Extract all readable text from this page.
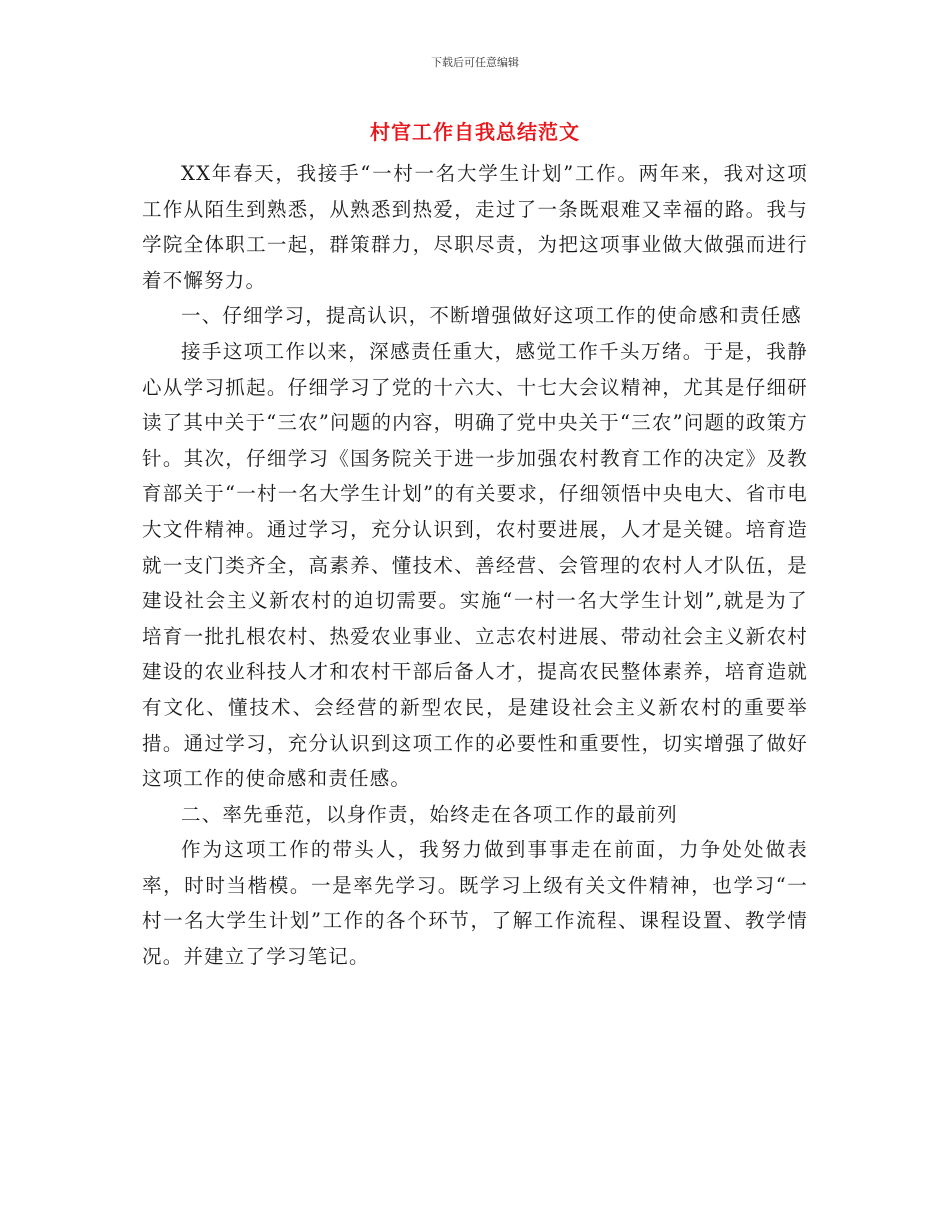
下载后可任意编辑
村官工作自我总结范文

XX年春天，我接手“一村一名大学生计划”工作。两年来，我对这项工作从陌生到熟悉，从熟悉到热爱，走过了一条既艰难又幸福的路。我与学院全体职工一起，群策群力，尽职尽责，为把这项事业做大做强而进行着不懈努力。

一、仔细学习，提高认识，不断增强做好这项工作的使命感和责任感

接手这项工作以来，深感责任重大，感觉工作千头万绪。于是，我静心从学习抓起。仔细学习了党的十六大、十七大会议精神，尤其是仔细研读了其中关于“三农”问题的内容，明确了党中央关于“三农”问题的政策方针。其次，仔细学习《国务院关于进一步加强农村教育工作的决定》及教育部关于“一村一名大学生计划”的有关要求，仔细领悟中央电大、省市电大文件精神。通过学习，充分认识到，农村要进展，人才是关键。培育造就一支门类齐全，高素养、懂技术、善经营、会管理的农村人才队伍，是建设社会主义新农村的迫切需要。实施“一村一名大学生计划”,就是为了培育一批扎根农村、热爱农业事业、立志农村进展、带动社会主义新农村建设的农业科技人才和农村干部后备人才，提高农民整体素养，培育造就有文化、懂技术、会经营的新型农民，是建设社会主义新农村的重要举措。通过学习，充分认识到这项工作的必要性和重要性，切实增强了做好这项工作的使命感和责任感。

二、率先垂范，以身作责，始终走在各项工作的最前列

作为这项工作的带头人，我努力做到事事走在前面，力争处处做表率，时时当楷模。一是率先学习。既学习上级有关文件精神，也学习“一村一名大学生计划”工作的各个环节，了解工作流程、课程设置、教学情况。并建立了学习笔记。
